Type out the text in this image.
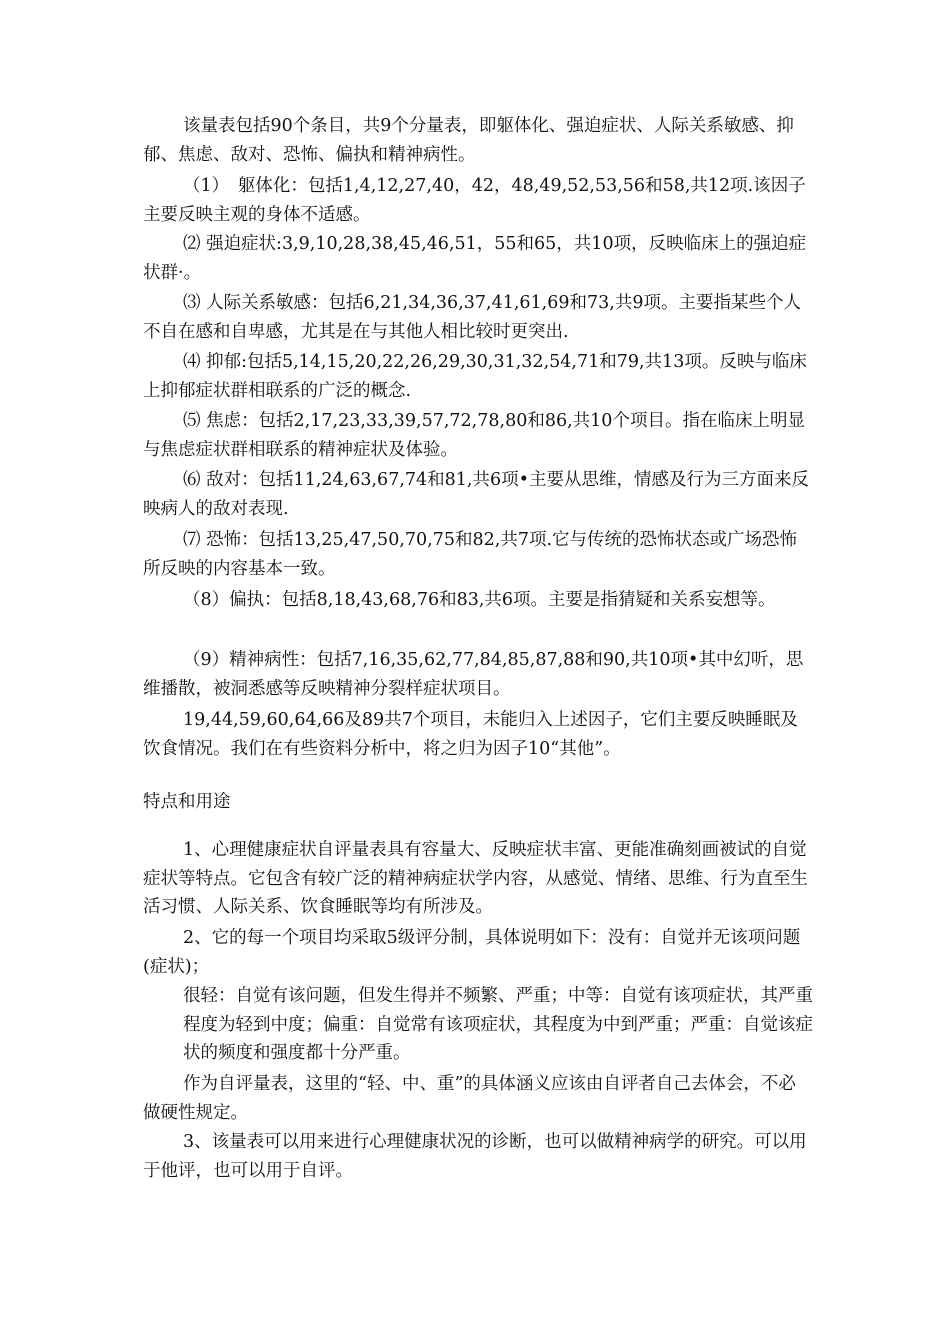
该量表包括90个条目，共9个分量表，即躯体化、强迫症状、人际关系敏感、抑郁、焦虑、敌对、恐怖、偏执和精神病性。

（1）　躯体化：包括1,4,12,27,40，42，48,49,52,53,56和58,共12项.该因子主要反映主观的身体不适感。

⑵ 强迫症状:3,9,10,28,38,45,46,51，55和65，共10项，反映临床上的强迫症状群·。

⑶ 人际关系敏感：包括6,21,34,36,37,41,61,69和73,共9项。主要指某些个人不自在感和自卑感，尤其是在与其他人相比较时更突出.

⑷ 抑郁:包括5,14,15,20,22,26,29,30,31,32,54,71和79,共13项。反映与临床上抑郁症状群相联系的广泛的概念.

⑸ 焦虑：包括2,17,23,33,39,57,72,78,80和86,共10个项目。指在临床上明显与焦虑症状群相联系的精神症状及体验。

⑹ 敌对：包括11,24,63,67,74和81,共6项•主要从思维，情感及行为三方面来反映病人的敌对表现.

⑺ 恐怖：包括13,25,47,50,70,75和82,共7项.它与传统的恐怖状态或广场恐怖所反映的内容基本一致。

（8）偏执：包括8,18,43,68,76和83,共6项。主要是指猜疑和关系妄想等。

（9）精神病性：包括7,16,35,62,77,84,85,87,88和90,共10项•其中幻听，思维播散，被洞悉感等反映精神分裂样症状项目。

19,44,59,60,64,66及89共7个项目，未能归入上述因子，它们主要反映睡眠及饮食情况。我们在有些资料分析中，将之归为因子10“其他”。

特点和用途

1、心理健康症状自评量表具有容量大、反映症状丰富、更能准确刻画被试的自觉症状等特点。它包含有较广泛的精神病症状学内容，从感觉、情绪、思维、行为直至生活习惯、人际关系、饮食睡眠等均有所涉及。

2、它的每一个项目均采取5级评分制，具体说明如下：没有：自觉并无该项问题(症状)；

很轻：自觉有该问题，但发生得并不频繁、严重；中等：自觉有该项症状，其严重程度为轻到中度；偏重：自觉常有该项症状，其程度为中到严重；严重：自觉该症状的频度和强度都十分严重。

作为自评量表，这里的“轻、中、重”的具体涵义应该由自评者自己去体会，不必做硬性规定。

3、该量表可以用来进行心理健康状况的诊断，也可以做精神病学的研究。可以用于他评，也可以用于自评。
